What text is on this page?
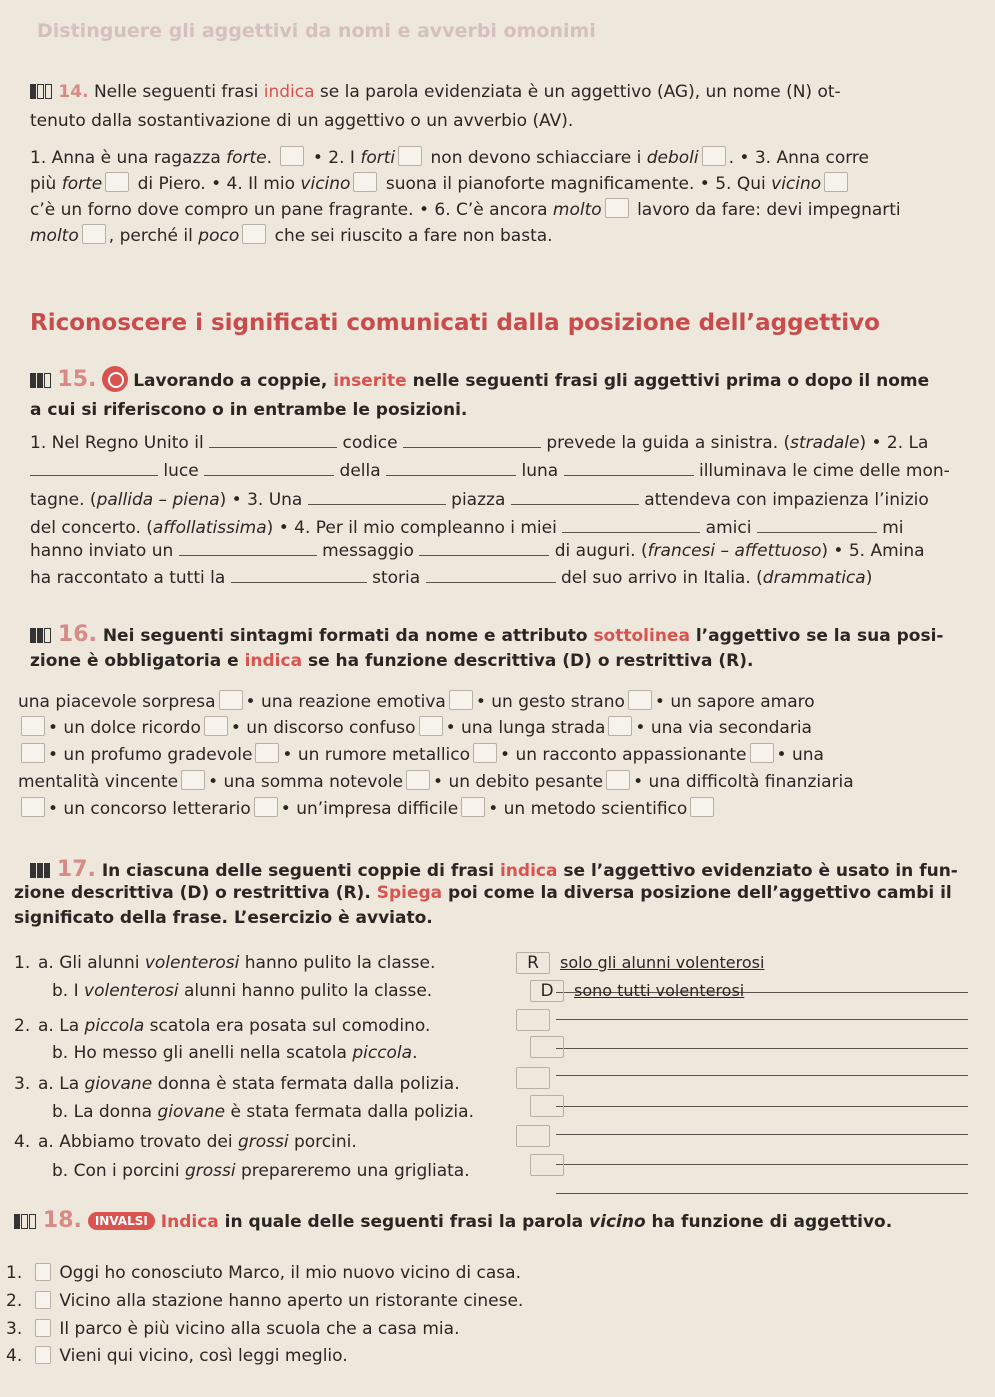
Distinguere gli aggettivi da nomi e avverbi omonimi
14. Nelle seguenti frasi indica se la parola evidenziata è un aggettivo (AG), un nome (N) ot-
tenuto dalla sostantivazione di un aggettivo o un avverbio (AV).
1. Anna è una ragazza forte.  • 2. I forti non devono schiacciare i deboli . • 3. Anna corre
più forte di Piero. • 4. Il mio vicino suona il pianoforte magnificamente. • 5. Qui vicino
c’è un forno dove compro un pane fragrante. • 6. C’è ancora molto lavoro da fare: devi impegnarti
molto , perché il poco che sei riuscito a fare non basta.
Riconoscere i significati comunicati dalla posizione dell’aggettivo
15. Lavorando a coppie, inserite nelle seguenti frasi gli aggettivi prima o dopo il nome
a cui si riferiscono o in entrambe le posizioni.
1. Nel Regno Unito il	codice	prevede la guida a sinistra. (stradale) • 2. La
luce	della	luna	illuminava le cime delle mon-
tagne. (pallida – piena) • 3. Una	piazza	attendeva con impazienza l’inizio
del concerto. (affollatissima) • 4. Per il mio compleanno i miei	amici	mi
hanno inviato un	messaggio	di auguri. (francesi – affettuoso) • 5. Amina
ha raccontato a tutti la	storia	del suo arrivo in Italia. (drammatica)
16. Nei seguenti sintagmi formati da nome e attributo sottolinea l’aggettivo se la sua posi-
zione è obbligatoria e indica se ha funzione descrittiva (D) o restrittiva (R).
una piacevole sorpresa • una reazione emotiva • un gesto strano • un sapore amaro
• un dolce ricordo • un discorso confuso • una lunga strada • una via secondaria
• un profumo gradevole • un rumore metallico • un racconto appassionante • una
mentalità vincente • una somma notevole • un debito pesante • una difficoltà finanziaria
• un concorso letterario • un’impresa difficile • un metodo scientifico
17. In ciascuna delle seguenti coppie di frasi indica se l’aggettivo evidenziato è usato in fun-
zione descrittiva (D) o restrittiva (R). Spiega poi come la diversa posizione dell’aggettivo cambi il
significato della frase. L’esercizio è avviato.
1. a. Gli alunni volenterosi hanno pulito la classe.	R solo gli alunni volenterosi
b. I volenterosi alunni hanno pulito la classe.	D sono tutti volenterosi
2. a. La piccola scatola era posata sul comodino.
b. Ho messo gli anelli nella scatola piccola.
3. a. La giovane donna è stata fermata dalla polizia.
b. La donna giovane è stata fermata dalla polizia.
4. a. Abbiamo trovato dei grossi porcini.
b. Con i porcini grossi prepareremo una grigliata.
18. INVALSI Indica in quale delle seguenti frasi la parola vicino ha funzione di aggettivo.
1. Oggi ho conosciuto Marco, il mio nuovo vicino di casa.
2. Vicino alla stazione hanno aperto un ristorante cinese.
3. Il parco è più vicino alla scuola che a casa mia.
4. Vieni qui vicino, così leggi meglio.
